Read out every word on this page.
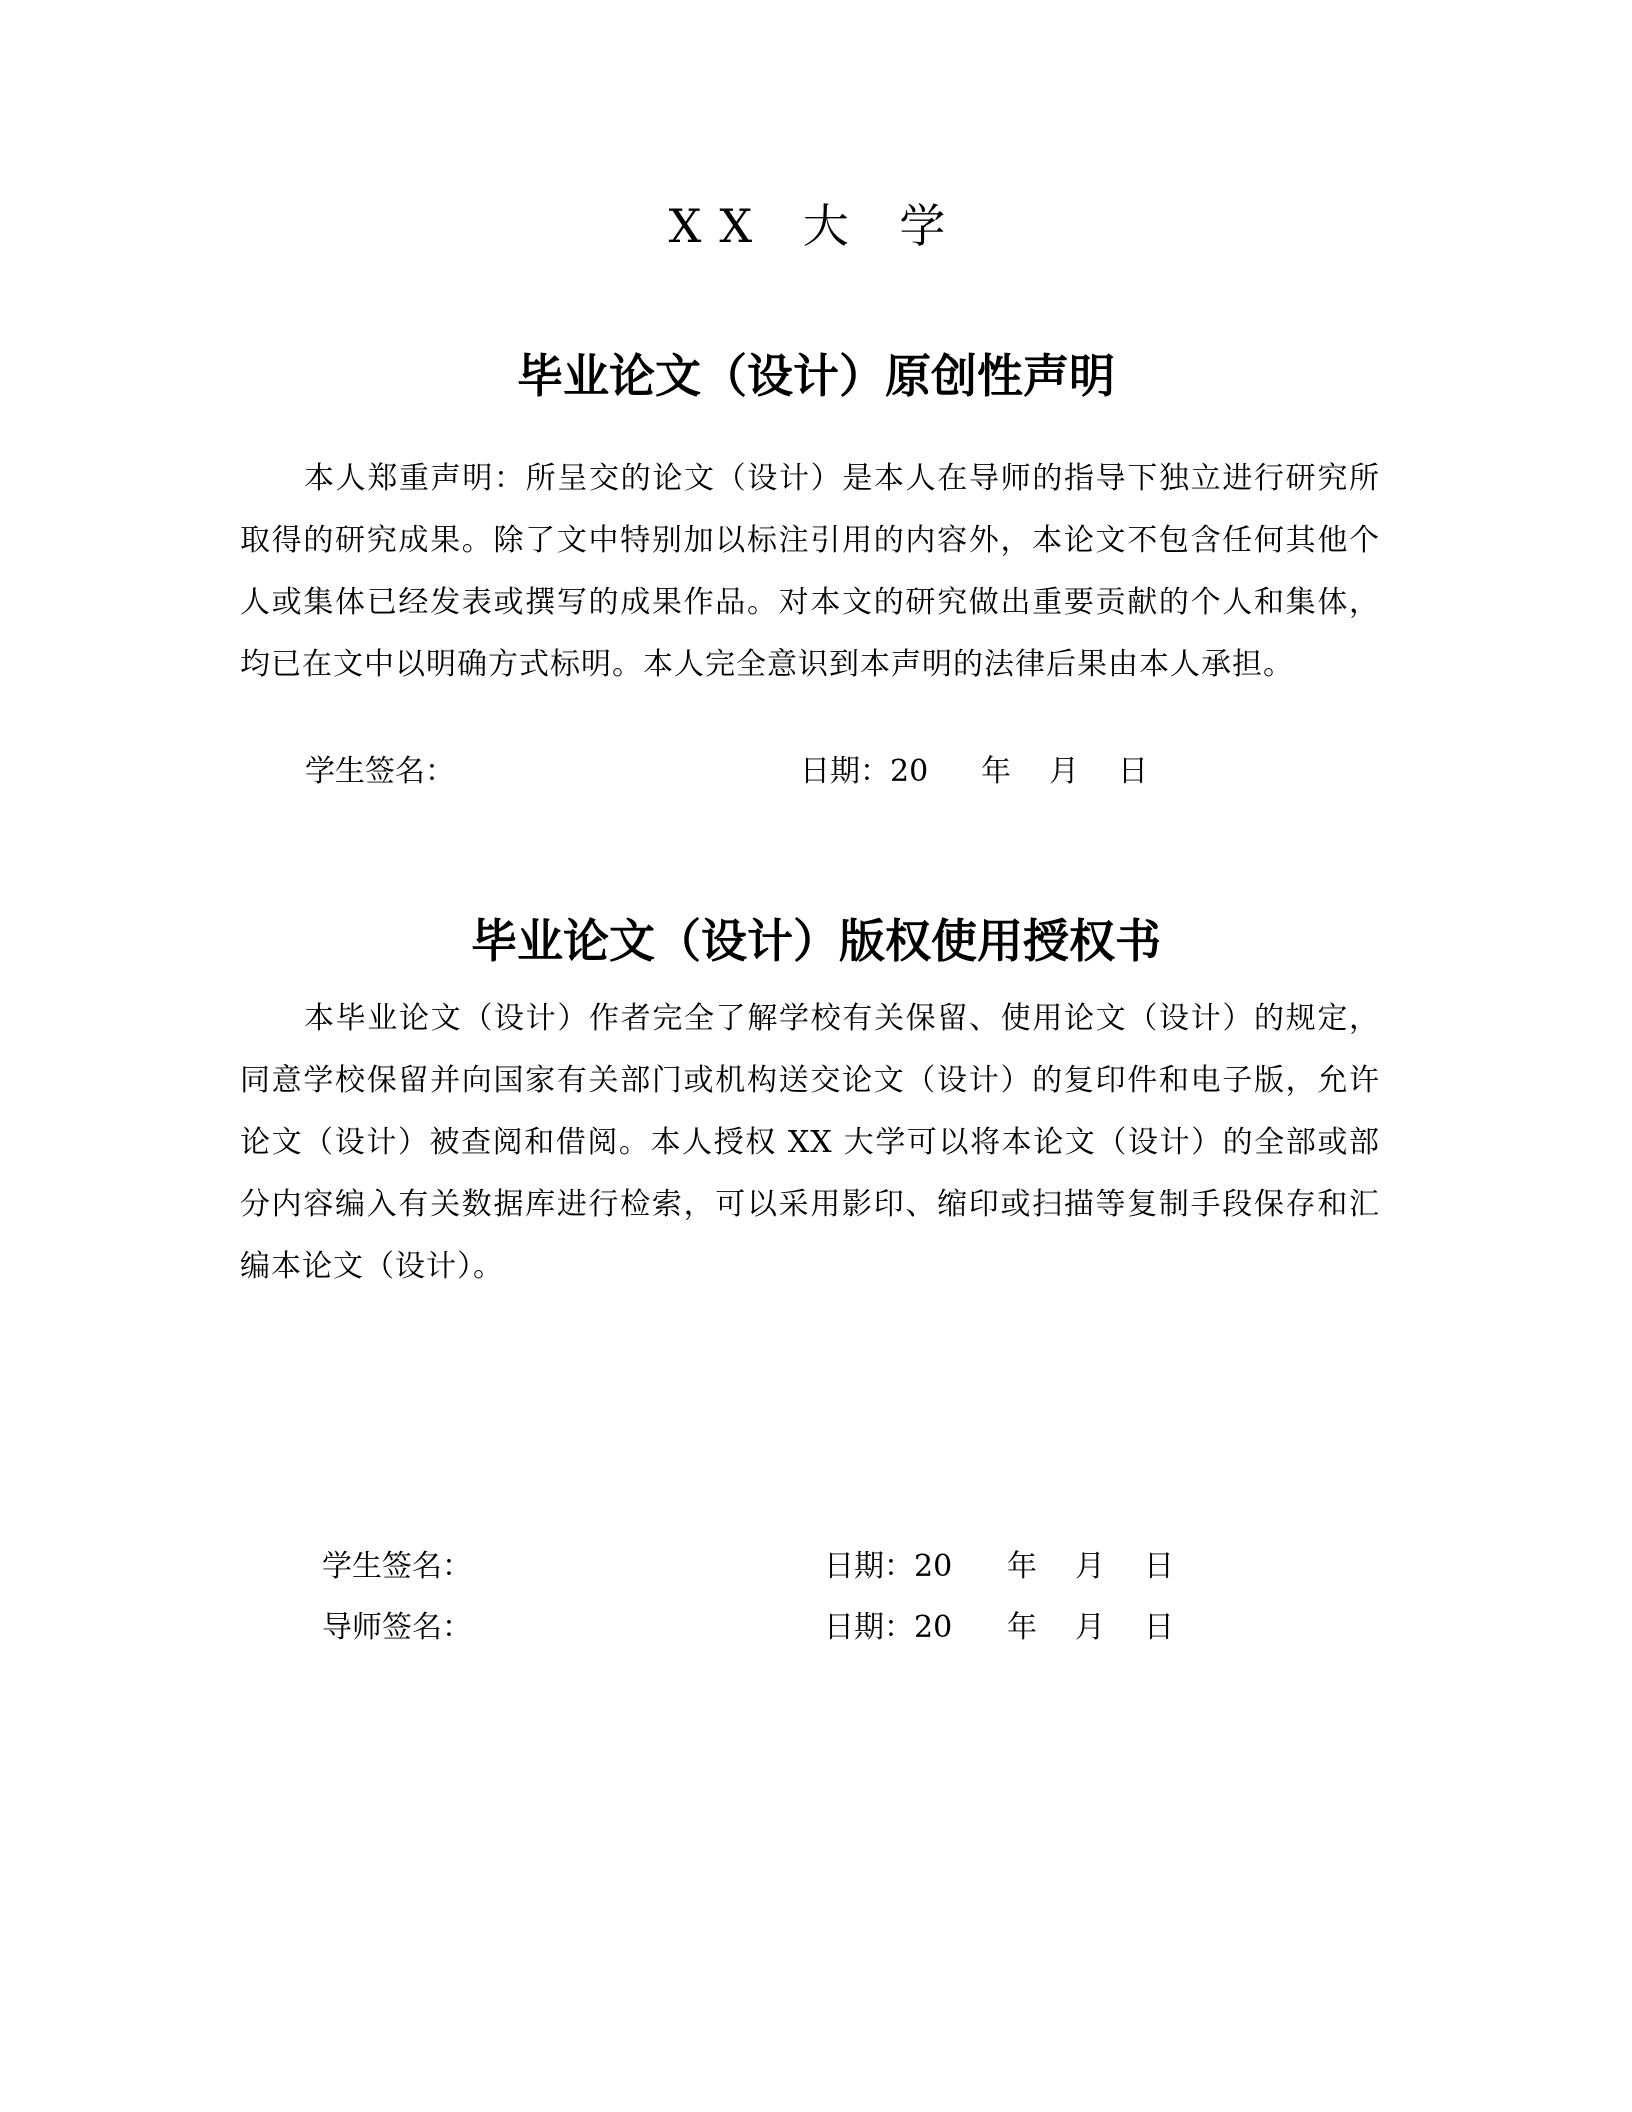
XX 大 学
毕业论文（设计）原创性声明

本人郑重声明：所呈交的论文（设计）是本人在导师的指导下独立进行研究所取得的研究成果。除了文中特别加以标注引用的内容外，本论文不包含任何其他个人或集体已经发表或撰写的成果作品。对本文的研究做出重要贡献的个人和集体，均已在文中以明确方式标明。本人完全意识到本声明的法律后果由本人承担。

学生签名：	日期：20 年 月 日
毕业论文（设计）版权使用授权书

本毕业论文（设计）作者完全了解学校有关保留、使用论文（设计）的规定，同意学校保留并向国家有关部门或机构送交论文（设计）的复印件和电子版，允许论文（设计）被查阅和借阅。本人授权 XX 大学可以将本论文（设计）的全部或部分内容编入有关数据库进行检索，可以采用影印、缩印或扫描等复制手段保存和汇编本论文（设计）。

学生签名：	日期：20 年 月 日
导师签名：	日期：20 年 月 日
